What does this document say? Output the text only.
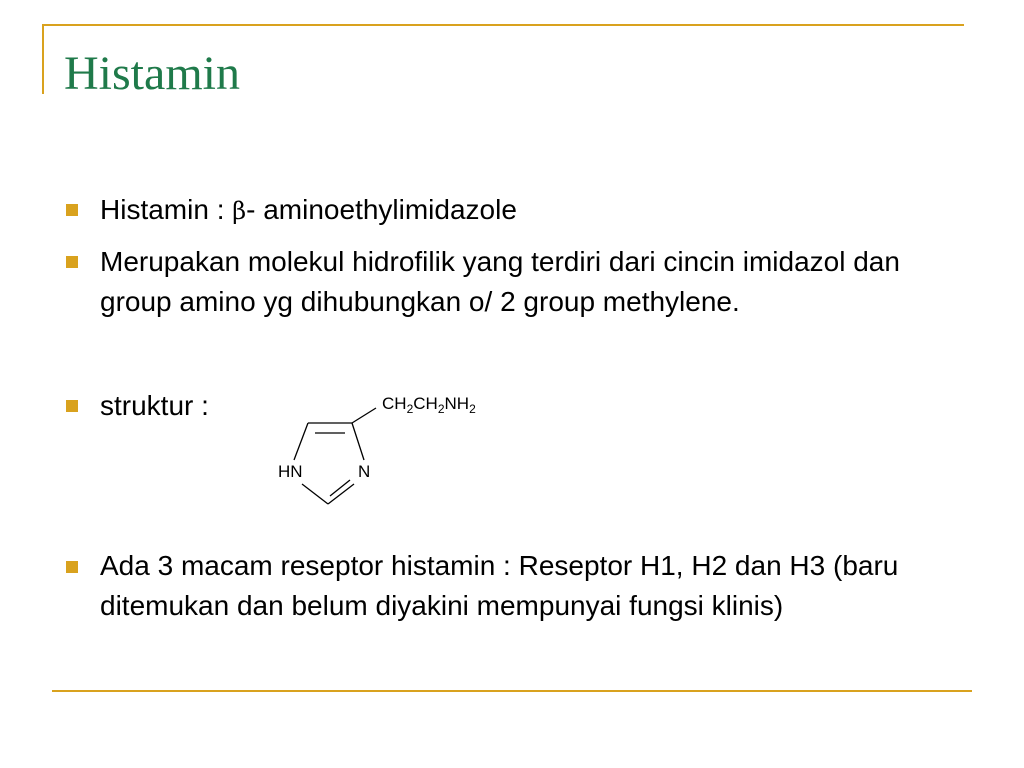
Histamin
Histamin : β- aminoethylimidazole
Merupakan molekul hidrofilik yang terdiri dari cincin imidazol dan group amino yg dihubungkan o/ 2 group methylene.
struktur :
Ada 3 macam reseptor histamin : Reseptor H1, H2 dan H3 (baru ditemukan dan belum diyakini mempunyai fungsi klinis)
$CH_2CH_2NH_2$
HN	N
